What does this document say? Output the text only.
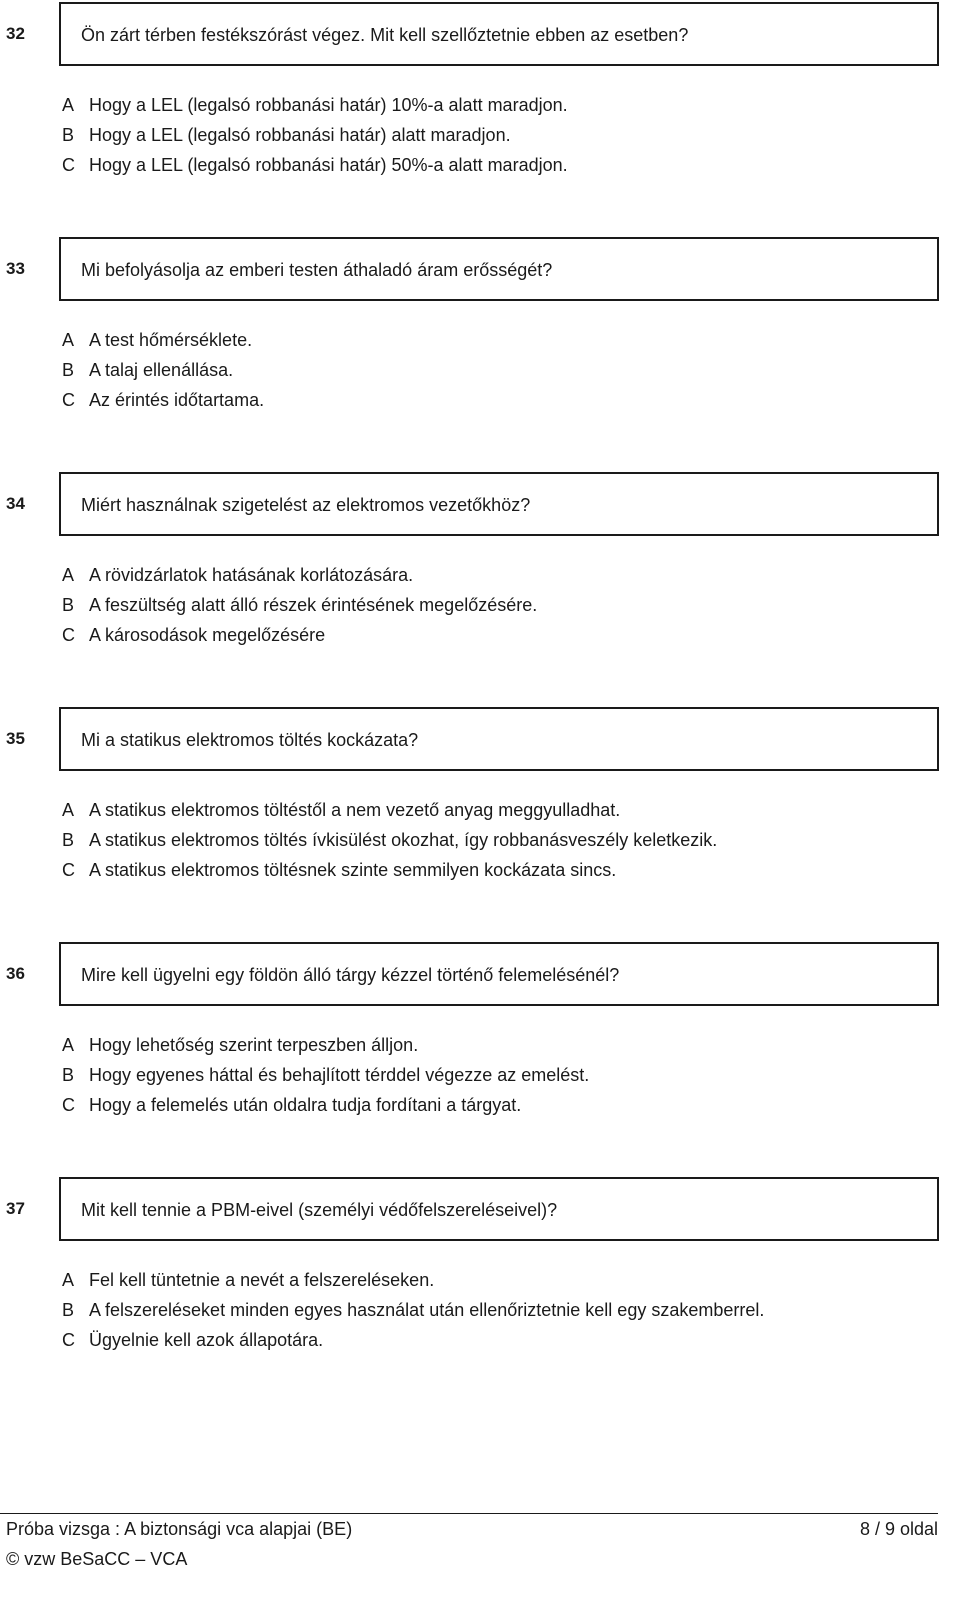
32	Ön zárt térben festékszórást végez. Mit kell szellőztetnie ebben az esetben?
A Hogy a LEL (legalsó robbanási határ) 10%-a alatt maradjon.
B Hogy a LEL (legalsó robbanási határ) alatt maradjon.
C Hogy a LEL (legalsó robbanási határ) 50%-a alatt maradjon.
33	Mi befolyásolja az emberi testen áthaladó áram erősségét?
A A test hőmérséklete.
B A talaj ellenállása.
C Az érintés időtartama.
34	Miért használnak szigetelést az elektromos vezetőkhöz?
A A rövidzárlatok hatásának korlátozására.
B A feszültség alatt álló részek érintésének megelőzésére.
C A károsodások megelőzésére
35	Mi a statikus elektromos töltés kockázata?
A A statikus elektromos töltéstől a nem vezető anyag meggyulladhat.
B A statikus elektromos töltés ívkisülést okozhat, így robbanásveszély keletkezik.
C A statikus elektromos töltésnek szinte semmilyen kockázata sincs.
36	Mire kell ügyelni egy földön álló tárgy kézzel történő felemelésénél?
A Hogy lehetőség szerint terpeszben álljon.
B Hogy egyenes háttal és behajlított térddel végezze az emelést.
C Hogy a felemelés után oldalra tudja fordítani a tárgyat.
37	Mit kell tennie a PBM-eivel (személyi védőfelszereléseivel)?
A Fel kell tüntetnie a nevét a felszereléseken.
B A felszereléseket minden egyes használat után ellenőriztetnie kell egy szakemberrel.
C Ügyelnie kell azok állapotára.
Próba vizsga : A biztonsági vca alapjai (BE)	8 / 9 oldal
© vzw BeSaCC – VCA
